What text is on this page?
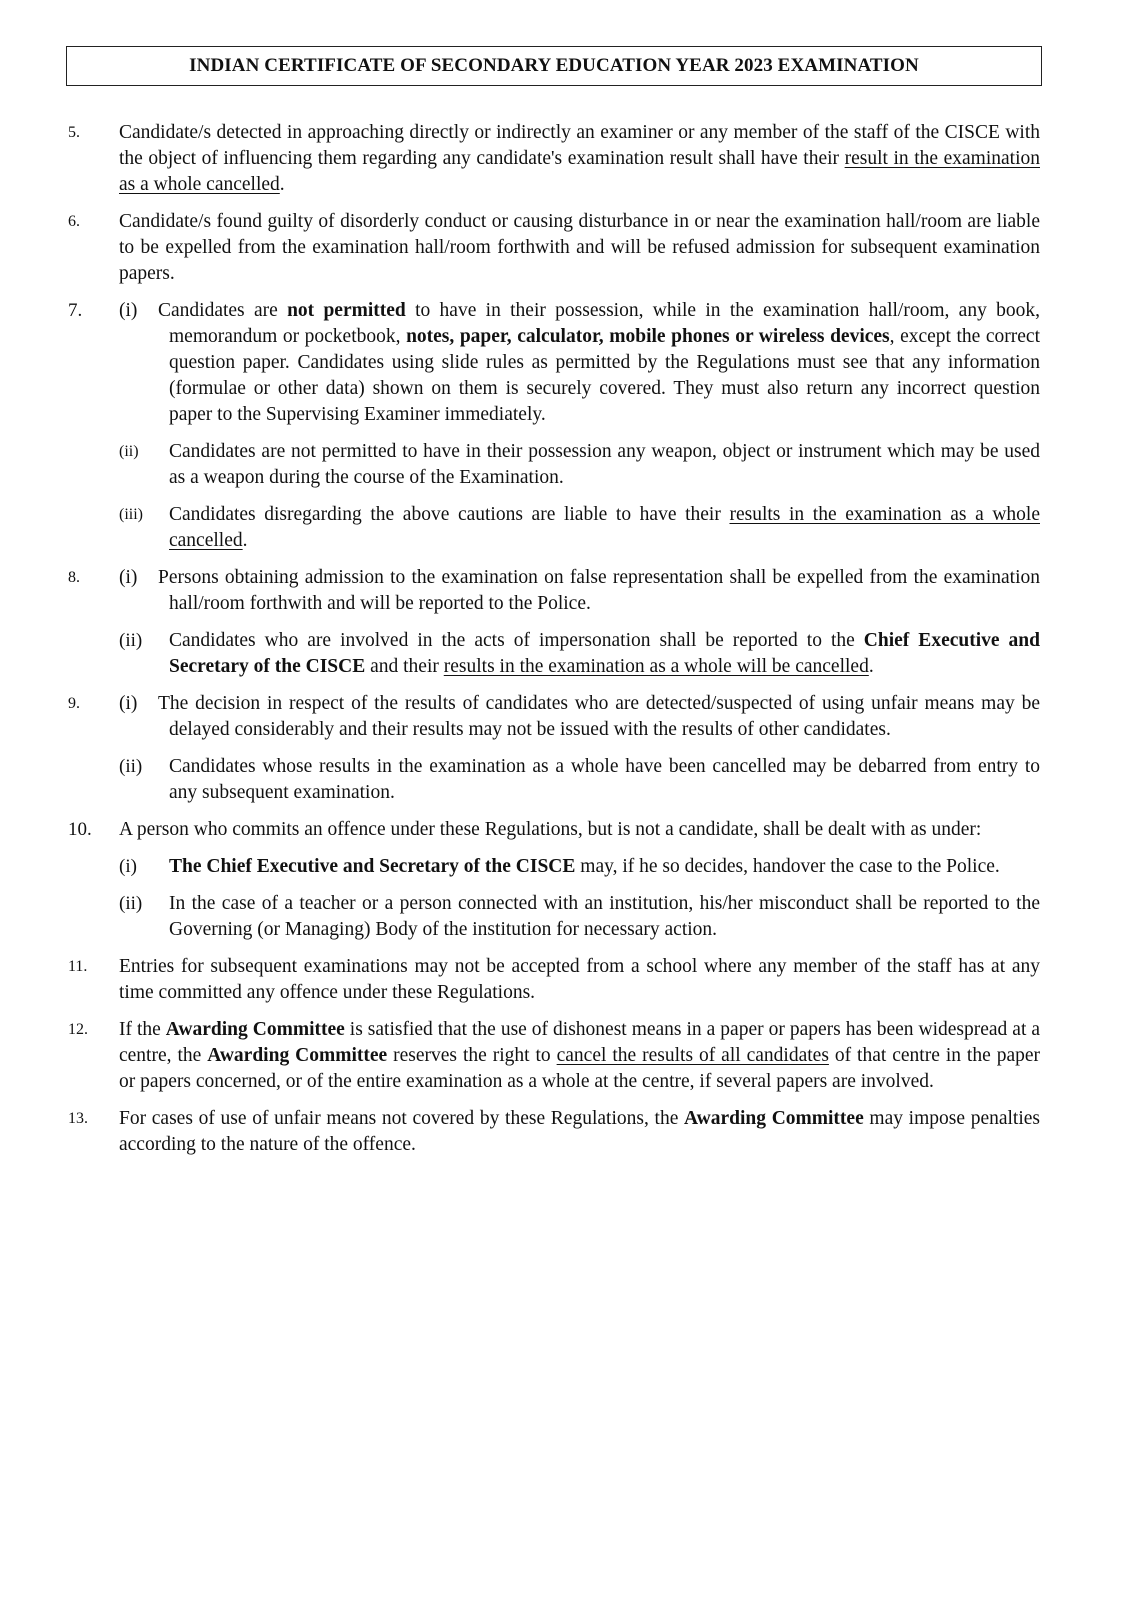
INDIAN CERTIFICATE OF SECONDARY EDUCATION YEAR 2023 EXAMINATION
5.	Candidate/s detected in approaching directly or indirectly an examiner or any member of the staff of the CISCE with the object of influencing them regarding any candidate's examination result shall have their result in the examination as a whole cancelled.
6.	Candidate/s found guilty of disorderly conduct or causing disturbance in or near the examination hall/room are liable to be expelled from the examination hall/room forthwith and will be refused admission for subsequent examination papers.
7.	(i) Candidates are not permitted to have in their possession, while in the examination hall/room, any book, memorandum or pocketbook, notes, paper, calculator, mobile phones or wireless devices, except the correct question paper. Candidates using slide rules as permitted by the Regulations must see that any information (formulae or other data) shown on them is securely covered. They must also return any incorrect question paper to the Supervising Examiner immediately.
(ii)	Candidates are not permitted to have in their possession any weapon, object or instrument which may be used as a weapon during the course of the Examination.
(iii)	Candidates disregarding the above cautions are liable to have their results in the examination as a whole cancelled.
8.	(i) Persons obtaining admission to the examination on false representation shall be expelled from the examination hall/room forthwith and will be reported to the Police.
(ii)	Candidates who are involved in the acts of impersonation shall be reported to the Chief Executive and Secretary of the CISCE and their results in the examination as a whole will be cancelled.
9.	(i) The decision in respect of the results of candidates who are detected/suspected of using unfair means may be delayed considerably and their results may not be issued with the results of other candidates.
(ii)	Candidates whose results in the examination as a whole have been cancelled may be debarred from entry to any subsequent examination.
10.	A person who commits an offence under these Regulations, but is not a candidate, shall be dealt with as under:
(i)	The Chief Executive and Secretary of the CISCE may, if he so decides, handover the case to the Police.
(ii)	In the case of a teacher or a person connected with an institution, his/her misconduct shall be reported to the Governing (or Managing) Body of the institution for necessary action.
11.	Entries for subsequent examinations may not be accepted from a school where any member of the staff has at any time committed any offence under these Regulations.
12.	If the Awarding Committee is satisfied that the use of dishonest means in a paper or papers has been widespread at a centre, the Awarding Committee reserves the right to cancel the results of all candidates of that centre in the paper or papers concerned, or of the entire examination as a whole at the centre, if several papers are involved.
13.	For cases of use of unfair means not covered by these Regulations, the Awarding Committee may impose penalties according to the nature of the offence.
